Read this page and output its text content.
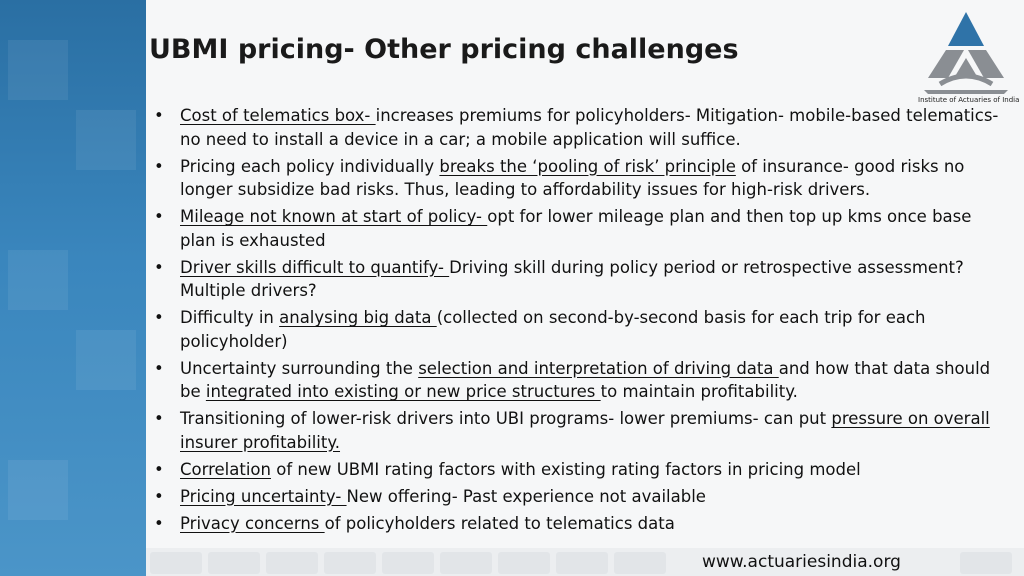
Institute of Actuaries of India
UBMI pricing- Other pricing challenges
• Cost of telematics box- increases premiums for policyholders- Mitigation- mobile-based telematics- no need to install a device in a car; a mobile application will suffice.
• Pricing each policy individually breaks the ‘pooling of risk’ principle of insurance- good risks no longer subsidize bad risks. Thus, leading to affordability issues for high-risk drivers.
• Mileage not known at start of policy- opt for lower mileage plan and then top up kms once base plan is exhausted
• Driver skills difficult to quantify- Driving skill during policy period or retrospective assessment? Multiple drivers?
• Difficulty in analysing big data (collected on second-by-second basis for each trip for each policyholder)
• Uncertainty surrounding the selection and interpretation of driving data and how that data should be integrated into existing or new price structures to maintain profitability.
• Transitioning of lower-risk drivers into UBI programs- lower premiums- can put pressure on overall insurer profitability.
• Correlation of new UBMI rating factors with existing rating factors in pricing model
• Pricing uncertainty- New offering- Past experience not available
• Privacy concerns of policyholders related to telematics data
www.actuariesindia.org
